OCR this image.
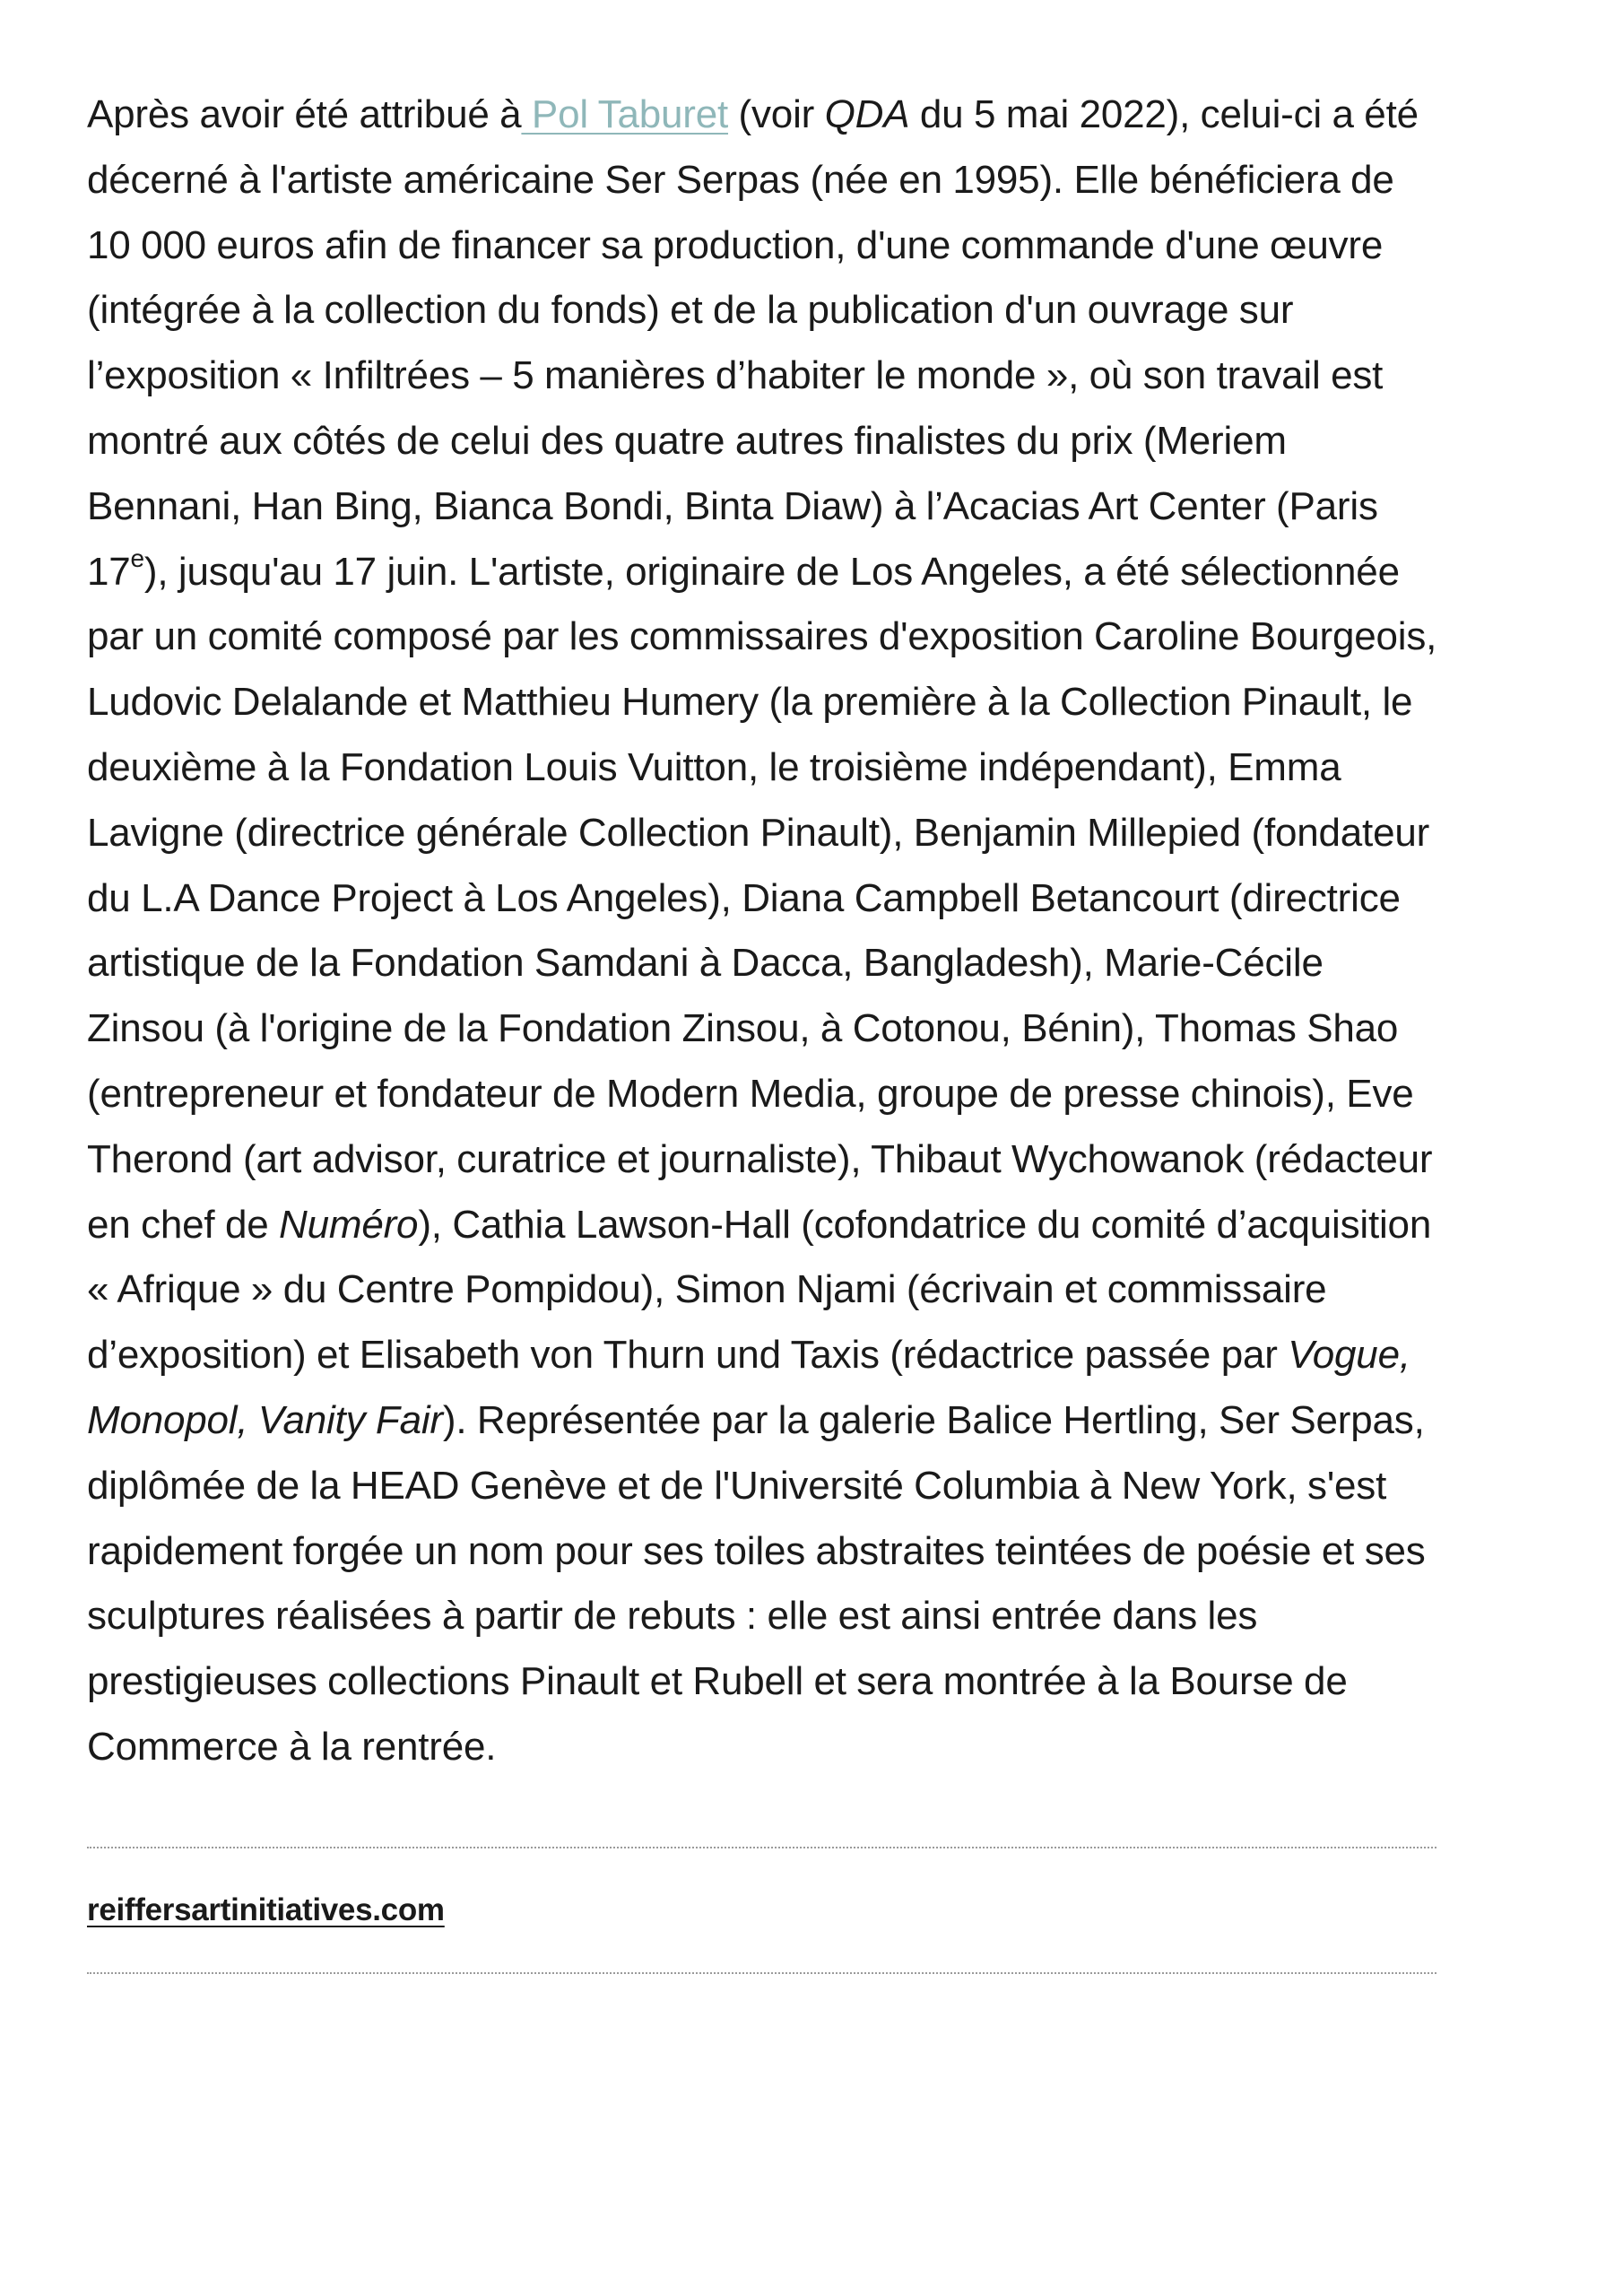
Après avoir été attribué à Pol Taburet (voir QDA du 5 mai 2022), celui-ci a été décerné à l'artiste américaine Ser Serpas (née en 1995). Elle bénéficiera de 10 000 euros afin de financer sa production, d'une commande d'une œuvre (intégrée à la collection du fonds) et de la publication d'un ouvrage sur l’exposition « Infiltrées – 5 manières d’habiter le monde », où son travail est montré aux côtés de celui des quatre autres finalistes du prix (Meriem Bennani, Han Bing, Bianca Bondi, Binta Diaw) à l’Acacias Art Center (Paris 17e), jusqu'au 17 juin. L'artiste, originaire de Los Angeles, a été sélectionnée par un comité composé par les commissaires d'exposition Caroline Bourgeois, Ludovic Delalande et Matthieu Humery (la première à la Collection Pinault, le deuxième à la Fondation Louis Vuitton, le troisième indépendant), Emma Lavigne (directrice générale Collection Pinault), Benjamin Millepied (fondateur du L.A Dance Project à Los Angeles), Diana Campbell Betancourt (directrice artistique de la Fondation Samdani à Dacca, Bangladesh), Marie-Cécile Zinsou (à l'origine de la Fondation Zinsou, à Cotonou, Bénin), Thomas Shao (entrepreneur et fondateur de Modern Media, groupe de presse chinois), Eve Therond (art advisor, curatrice et journaliste), Thibaut Wychowanok (rédacteur en chef de Numéro), Cathia Lawson-Hall (cofondatrice du comité d’acquisition « Afrique » du Centre Pompidou), Simon Njami (écrivain et commissaire d’exposition) et Elisabeth von Thurn und Taxis (rédactrice passée par Vogue, Monopol, Vanity Fair). Représentée par la galerie Balice Hertling, Ser Serpas, diplômée de la HEAD Genève et de l'Université Columbia à New York, s'est rapidement forgée un nom pour ses toiles abstraites teintées de poésie et ses sculptures réalisées à partir de rebuts : elle est ainsi entrée dans les prestigieuses collections Pinault et Rubell et sera montrée à la Bourse de Commerce à la rentrée.

reiffersartinitiatives.com
